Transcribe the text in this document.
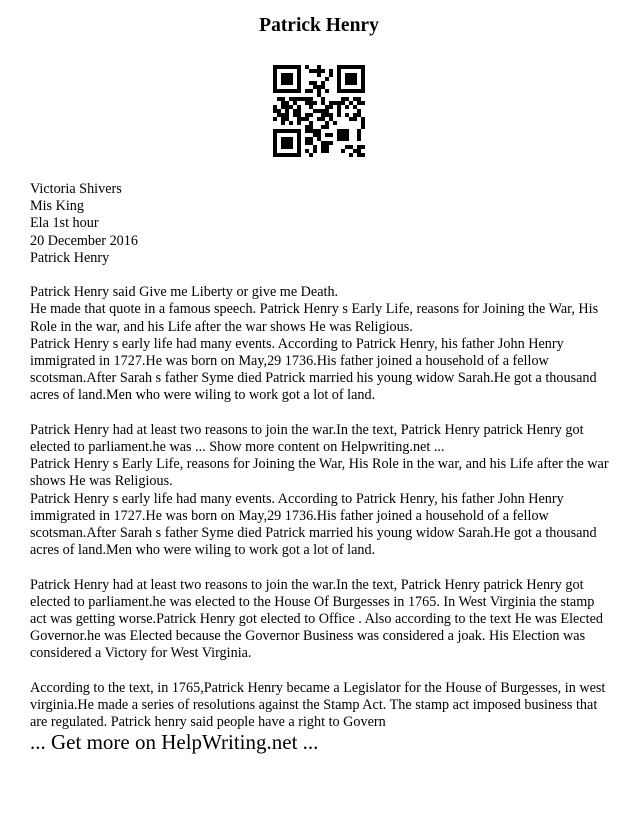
Patrick Henry
Victoria Shivers
Mis King
Ela 1st hour
20 December 2016
Patrick Henry
Patrick Henry said Give me Liberty or give me Death.
He made that quote in a famous speech. Patrick Henry s Early Life, reasons for Joining the War, His
Role in the war, and his Life after the war shows He was Religious.
Patrick Henry s early life had many events. According to Patrick Henry, his father John Henry
immigrated in 1727.He was born on May,29 1736.His father joined a household of a fellow
scotsman.After Sarah s father Syme died Patrick married his young widow Sarah.He got a thousand
acres of land.Men who were wiling to work got a lot of land.
Patrick Henry had at least two reasons to join the war.In the text, Patrick Henry patrick Henry got
elected to parliament.he was ... Show more content on Helpwriting.net ...
Patrick Henry s Early Life, reasons for Joining the War, His Role in the war, and his Life after the war
shows He was Religious.
Patrick Henry s early life had many events. According to Patrick Henry, his father John Henry
immigrated in 1727.He was born on May,29 1736.His father joined a household of a fellow
scotsman.After Sarah s father Syme died Patrick married his young widow Sarah.He got a thousand
acres of land.Men who were wiling to work got a lot of land.
Patrick Henry had at least two reasons to join the war.In the text, Patrick Henry patrick Henry got
elected to parliament.he was elected to the House Of Burgesses in 1765. In West Virginia the stamp
act was getting worse.Patrick Henry got elected to Office . Also according to the text He was Elected
Governor.he was Elected because the Governor Business was considered a joak. His Election was
considered a Victory for West Virginia.
According to the text, in 1765,Patrick Henry became a Legislator for the House of Burgesses, in west
virginia.He made a series of resolutions against the Stamp Act. The stamp act imposed business that
are regulated. Patrick henry said people have a right to Govern

... Get more on HelpWriting.net ...
